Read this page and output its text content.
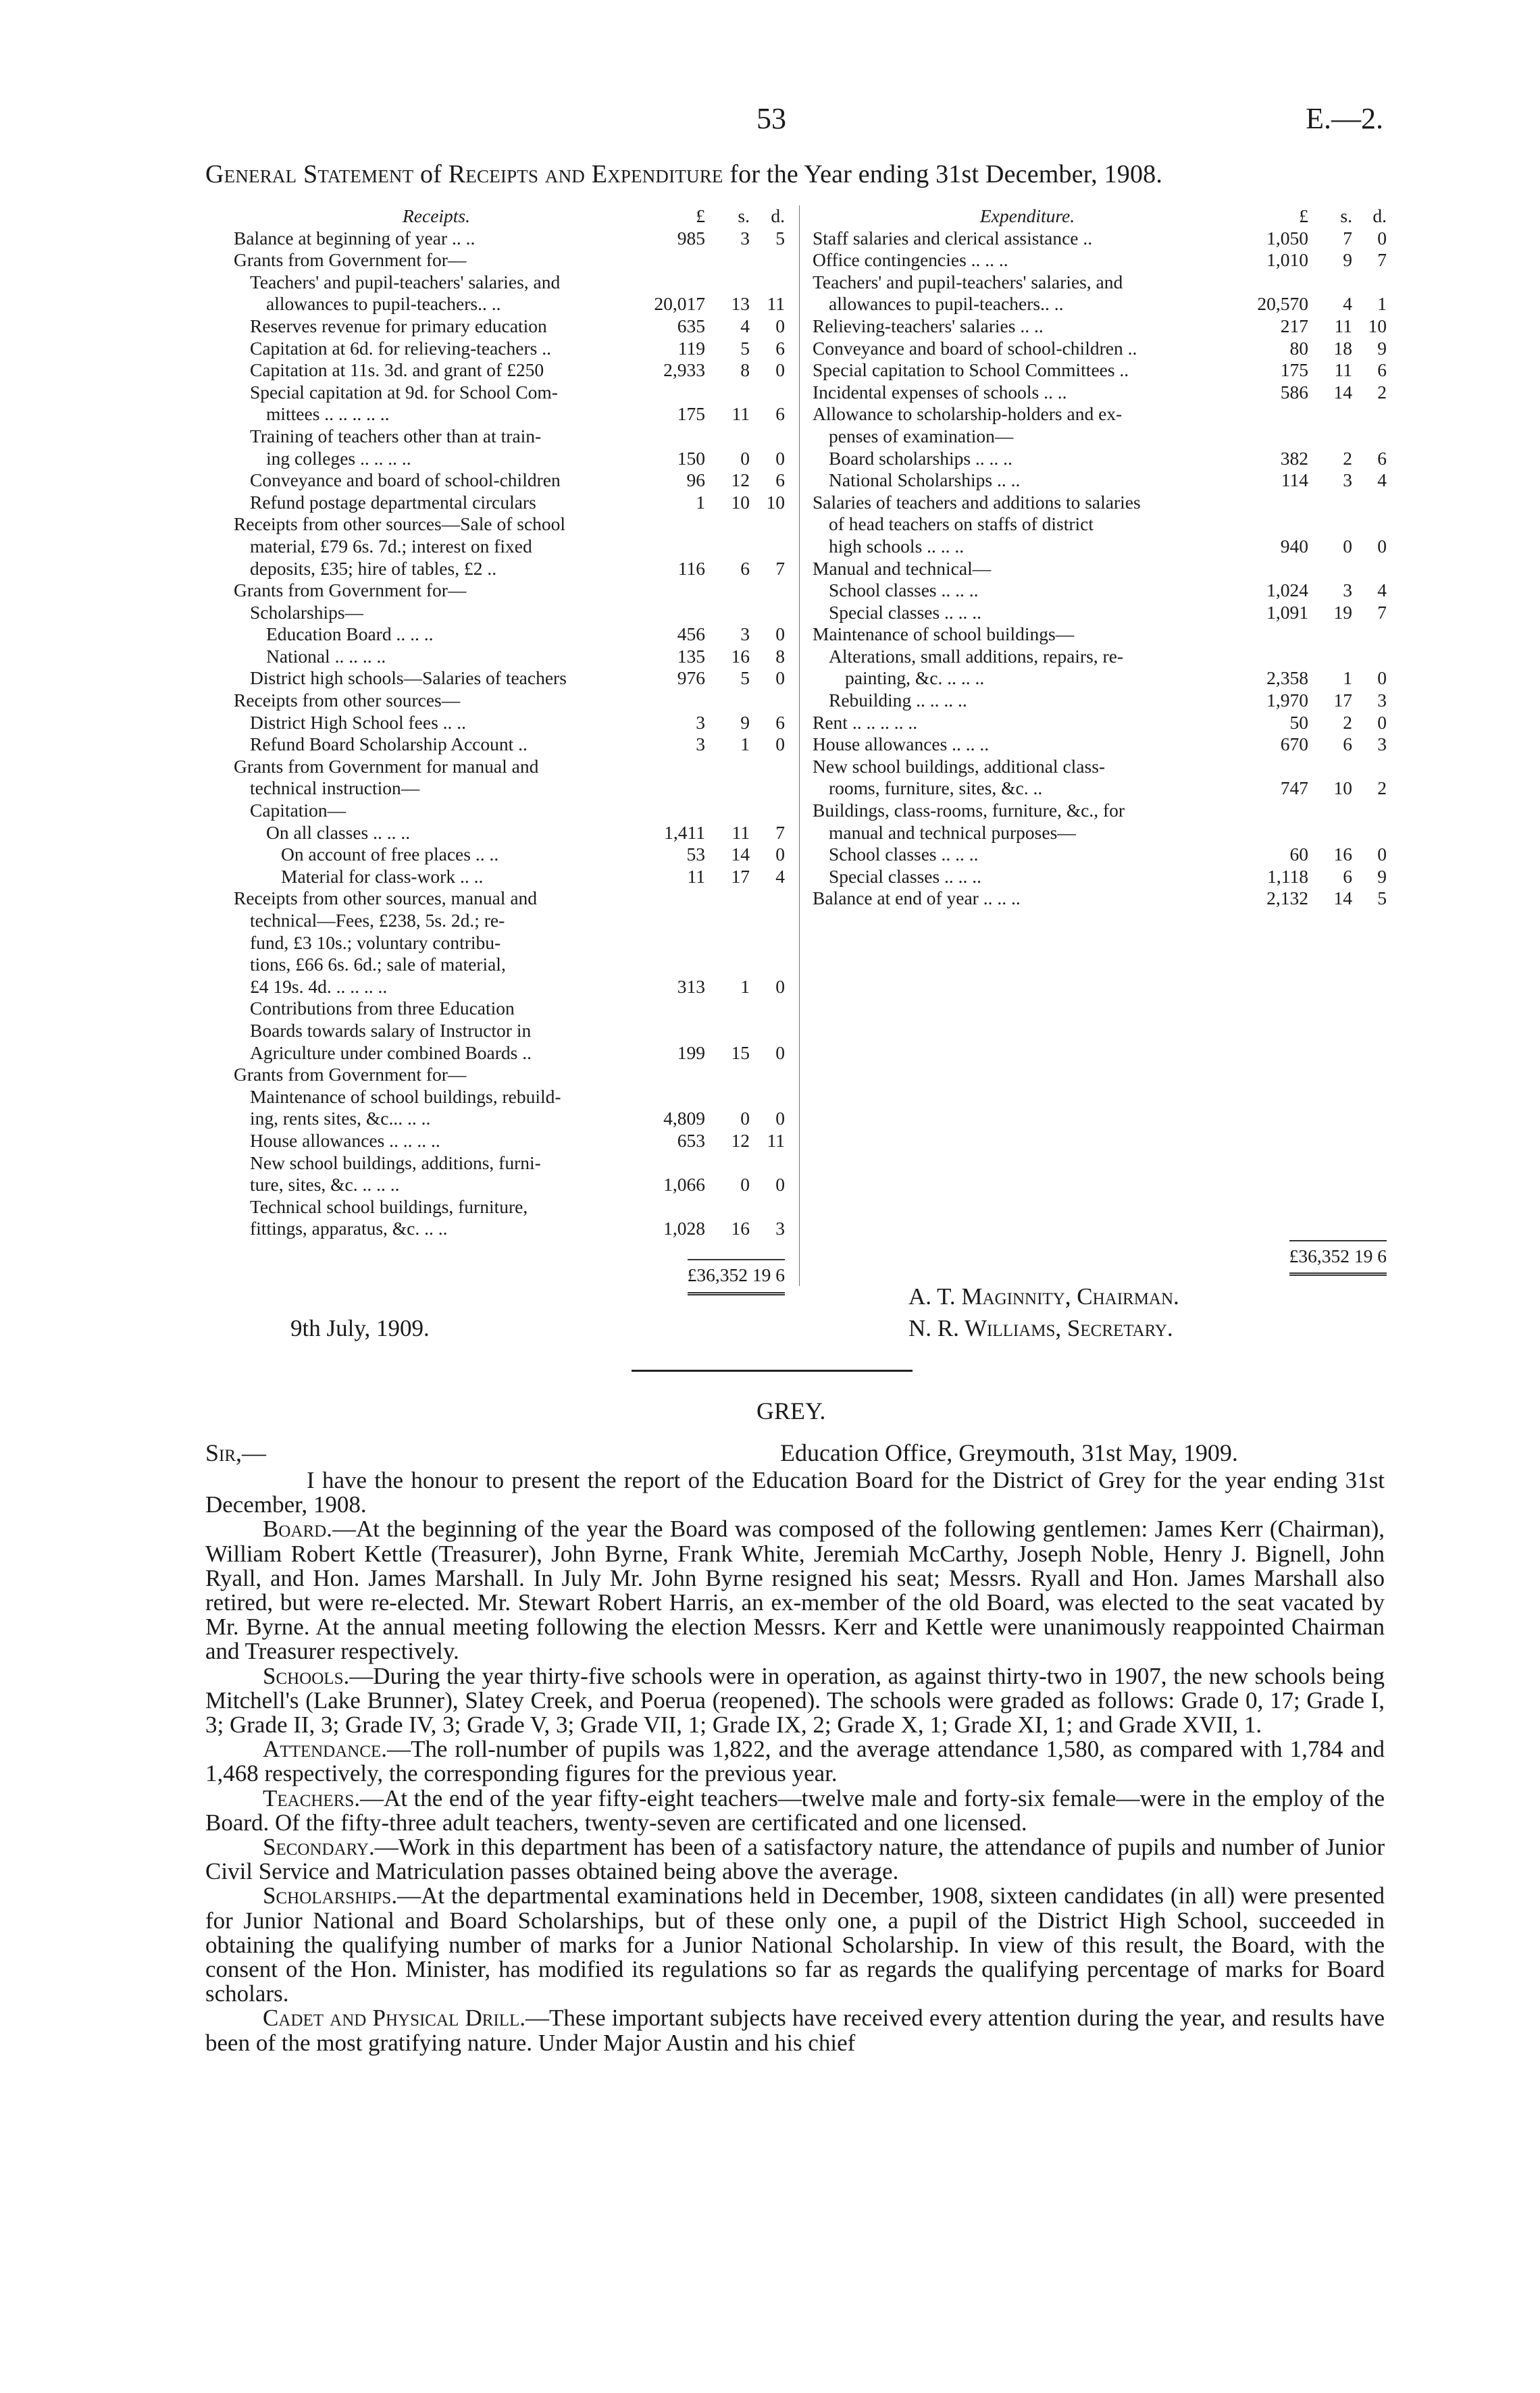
53	E.—2.
General Statement of Receipts and Expenditure for the Year ending 31st December, 1908.
Receipts.	£	s.	d.
Balance at beginning of year .. ..	985	3	5
Grants from Government for—			
Teachers' and pupil-teachers' salaries, and			
allowances to pupil-teachers.. ..	20,017	13	11
Reserves revenue for primary education	635	4	0
Capitation at 6d. for relieving-teachers ..	119	5	6
Capitation at 11s. 3d. and grant of £250	2,933	8	0
Special capitation at 9d. for School Com-			
mittees .. .. .. .. ..	175	11	6
Training of teachers other than at train-			
ing colleges .. .. .. ..	150	0	0
Conveyance and board of school-children	96	12	6
Refund postage departmental circulars	1	10	10
Receipts from other sources—Sale of school			
material, £79 6s. 7d.; interest on fixed			
deposits, £35; hire of tables, £2 ..	116	6	7
Grants from Government for—			
Scholarships—			
Education Board .. .. ..	456	3	0
National .. .. .. ..	135	16	8
District high schools—Salaries of teachers	976	5	0
Receipts from other sources—			
District High School fees .. ..	3	9	6
Refund Board Scholarship Account ..	3	1	0
Grants from Government for manual and			
technical instruction—			
Capitation—			
On all classes .. .. ..	1,411	11	7
On account of free places .. ..	53	14	0
Material for class-work .. ..	11	17	4
Receipts from other sources, manual and			
technical—Fees, £238, 5s. 2d.; re-			
fund, £3 10s.; voluntary contribu-			
tions, £66 6s. 6d.; sale of material,			
£4 19s. 4d. .. .. .. ..	313	1	0
Contributions from three Education			
Boards towards salary of Instructor in			
Agriculture under combined Boards ..	199	15	0
Grants from Government for—			
Maintenance of school buildings, rebuild-			
ing, rents sites, &c... .. ..	4,809	0	0
House allowances .. .. .. ..	653	12	11
New school buildings, additions, furni-			
ture, sites, &c. .. .. ..	1,066	0	0
Technical school buildings, furniture,			
fittings, apparatus, &c. .. ..	1,028	16	3
	£36,352 19 6		
Expenditure.	£	s.	d.
Staff salaries and clerical assistance ..	1,050	7	0
Office contingencies .. .. ..	1,010	9	7
Teachers' and pupil-teachers' salaries, and			
allowances to pupil-teachers.. ..	20,570	4	1
Relieving-teachers' salaries .. ..	217	11	10
Conveyance and board of school-children ..	80	18	9
Special capitation to School Committees ..	175	11	6
Incidental expenses of schools .. ..	586	14	2
Allowance to scholarship-holders and ex-			
penses of examination—			
Board scholarships .. .. ..	382	2	6
National Scholarships .. ..	114	3	4
Salaries of teachers and additions to salaries			
of head teachers on staffs of district			
high schools .. .. ..	940	0	0
Manual and technical—			
School classes .. .. ..	1,024	3	4
Special classes .. .. ..	1,091	19	7
Maintenance of school buildings—			
Alterations, small additions, repairs, re-			
painting, &c. .. .. ..	2,358	1	0
Rebuilding .. .. .. ..	1,970	17	3
Rent .. .. .. .. ..	50	2	0
House allowances .. .. ..	670	6	3
New school buildings, additional class-			
rooms, furniture, sites, &c. ..	747	10	2
Buildings, class-rooms, furniture, &c., for			
manual and technical purposes—			
School classes .. .. ..	60	16	0
Special classes .. .. ..	1,118	6	9
Balance at end of year .. .. ..	2,132	14	5
£36,352 19 6
9th July, 1909.
A. T. Maginnity, Chairman.
N. R. Williams, Secretary.
GREY.
Sir,—	Education Office, Greymouth, 31st May, 1909.

I have the honour to present the report of the Education Board for the District of Grey for the year ending 31st December, 1908.

Board.—At the beginning of the year the Board was composed of the following gentlemen: James Kerr (Chairman), William Robert Kettle (Treasurer), John Byrne, Frank White, Jeremiah McCarthy, Joseph Noble, Henry J. Bignell, John Ryall, and Hon. James Marshall. In July Mr. John Byrne resigned his seat; Messrs. Ryall and Hon. James Marshall also retired, but were re-elected. Mr. Stewart Robert Harris, an ex-member of the old Board, was elected to the seat vacated by Mr. Byrne. At the annual meeting following the election Messrs. Kerr and Kettle were unanimously reappointed Chairman and Treasurer respectively.

Schools.—During the year thirty-five schools were in operation, as against thirty-two in 1907, the new schools being Mitchell's (Lake Brunner), Slatey Creek, and Poerua (reopened). The schools were graded as follows: Grade 0, 17; Grade I, 3; Grade II, 3; Grade IV, 3; Grade V, 3; Grade VII, 1; Grade IX, 2; Grade X, 1; Grade XI, 1; and Grade XVII, 1.

Attendance.—The roll-number of pupils was 1,822, and the average attendance 1,580, as compared with 1,784 and 1,468 respectively, the corresponding figures for the previous year.

Teachers.—At the end of the year fifty-eight teachers—twelve male and forty-six female—were in the employ of the Board. Of the fifty-three adult teachers, twenty-seven are certificated and one licensed.

Secondary.—Work in this department has been of a satisfactory nature, the attendance of pupils and number of Junior Civil Service and Matriculation passes obtained being above the average.

Scholarships.—At the departmental examinations held in December, 1908, sixteen candidates (in all) were presented for Junior National and Board Scholarships, but of these only one, a pupil of the District High School, succeeded in obtaining the qualifying number of marks for a Junior National Scholarship. In view of this result, the Board, with the consent of the Hon. Minister, has modified its regulations so far as regards the qualifying percentage of marks for Board scholars.

Cadet and Physical Drill.—These important subjects have received every attention during the year, and results have been of the most gratifying nature. Under Major Austin and his chief
